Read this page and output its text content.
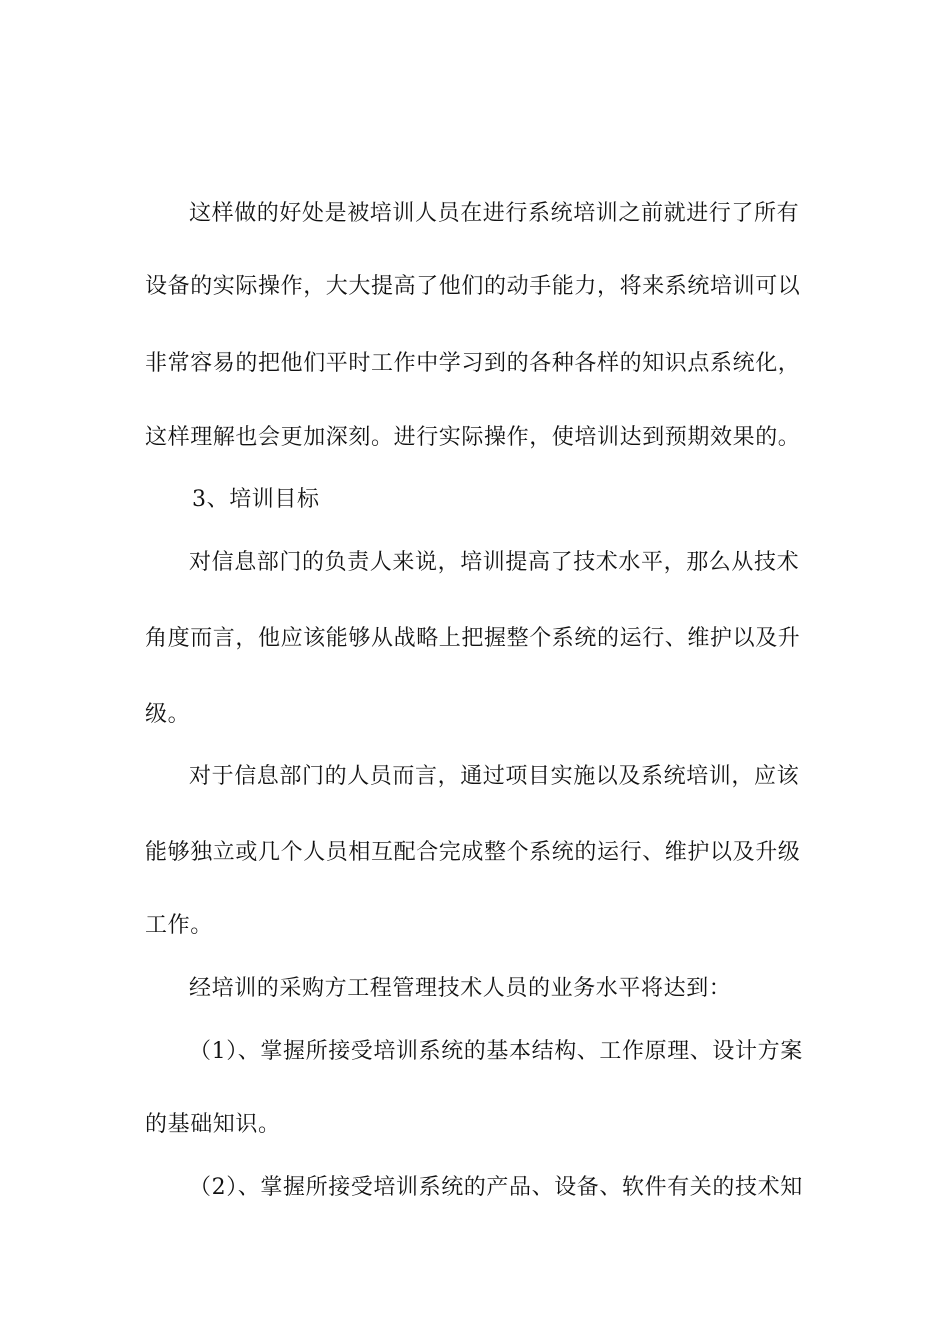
这样做的好处是被培训人员在进行系统培训之前就进行了所有
设备的实际操作，大大提高了他们的动手能力，将来系统培训可以
非常容易的把他们平时工作中学习到的各种各样的知识点系统化，
这样理解也会更加深刻。进行实际操作，使培训达到预期效果的。
3、培训目标
对信息部门的负责人来说，培训提高了技术水平，那么从技术
角度而言，他应该能够从战略上把握整个系统的运行、维护以及升
级。
对于信息部门的人员而言，通过项目实施以及系统培训，应该
能够独立或几个人员相互配合完成整个系统的运行、维护以及升级
工作。
经培训的采购方工程管理技术人员的业务水平将达到：
（1）、掌握所接受培训系统的基本结构、工作原理、设计方案
的基础知识。
（2）、掌握所接受培训系统的产品、设备、软件有关的技术知
